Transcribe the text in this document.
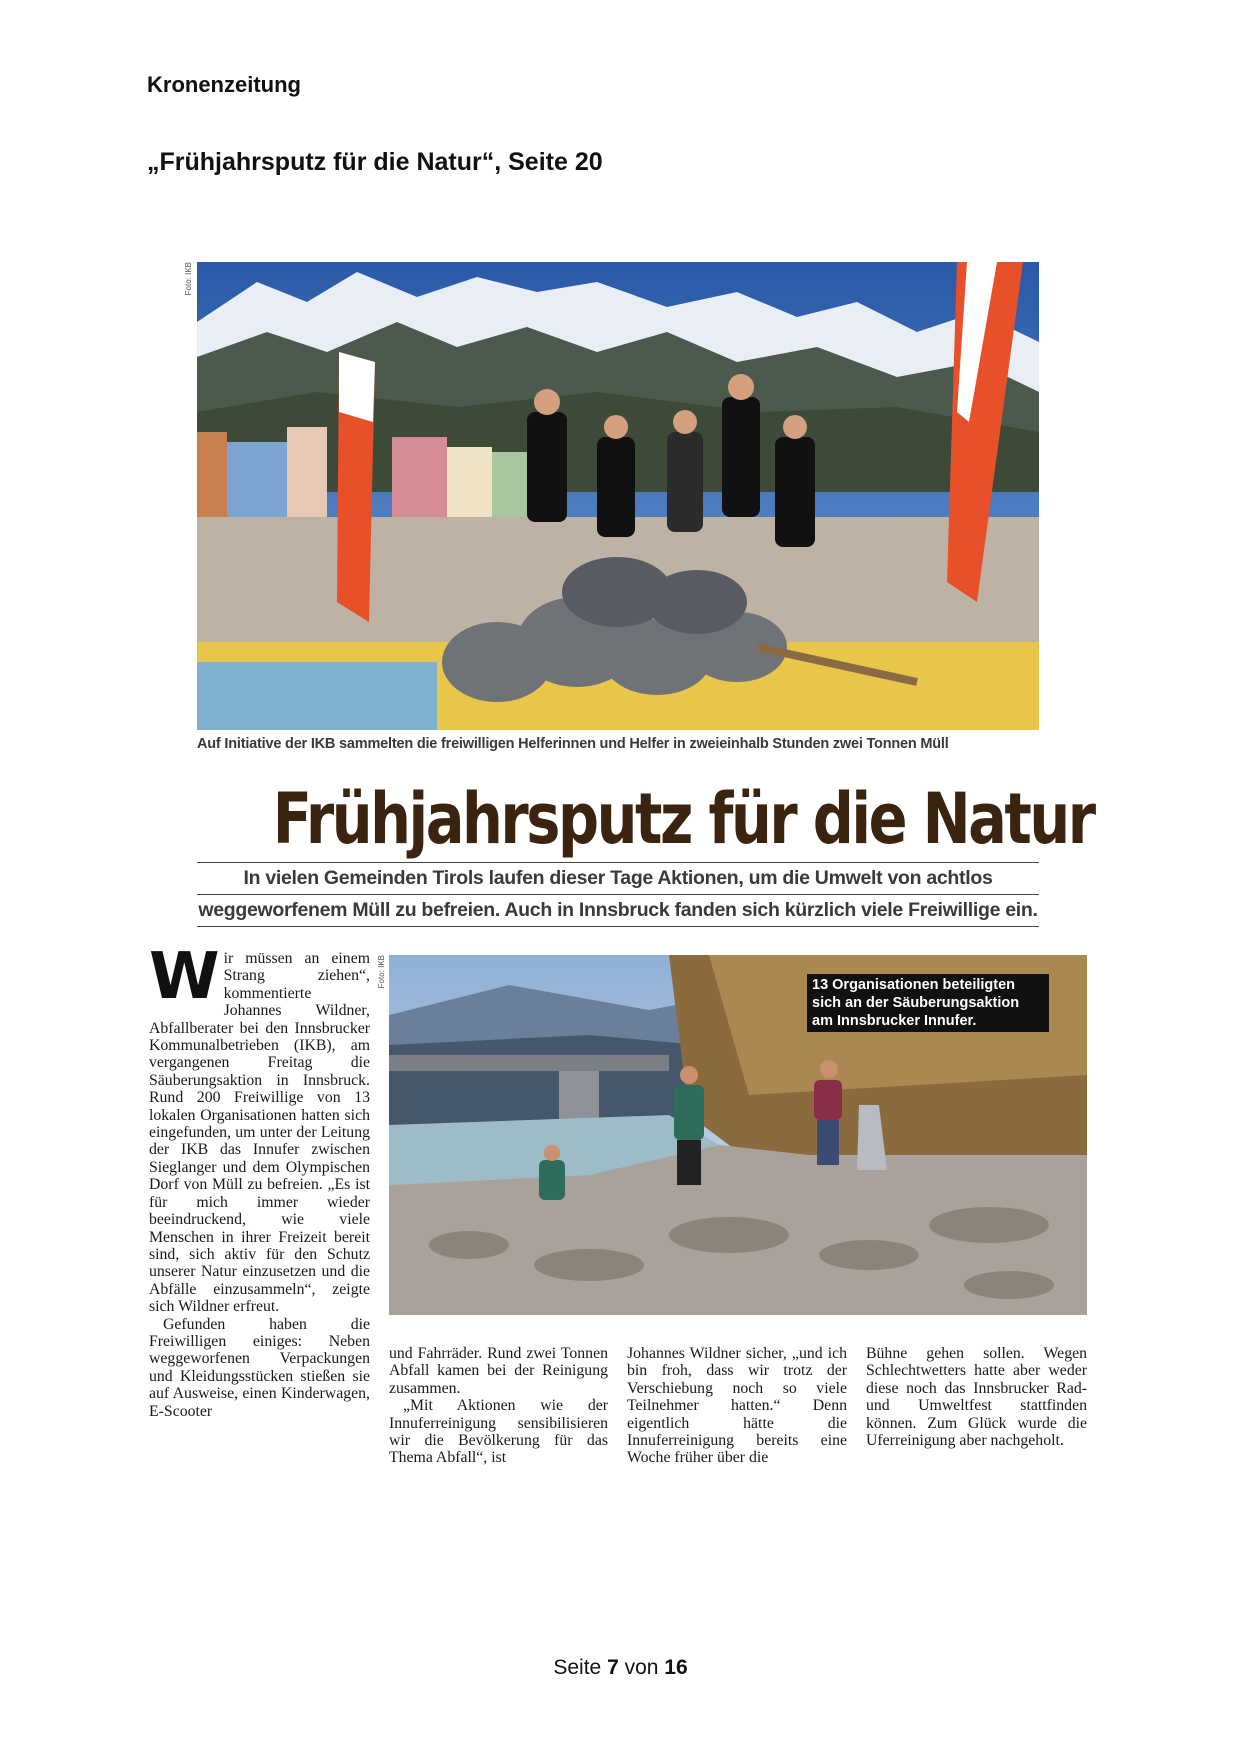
Kronenzeitung
„Frühjahrsputz für die Natur“, Seite 20
Foto: IKB
Auf Initiative der IKB sammelten die freiwilligen Helferinnen und Helfer in zweieinhalb Stunden zwei Tonnen Müll
Frühjahrsputz für die Natur
In vielen Gemeinden Tirols laufen dieser Tage Aktionen, um die Umwelt von achtlos
weggeworfenem Müll zu befreien. Auch in Innsbruck fanden sich kürzlich viele Freiwillige ein.
W ir müssen an einem Strang ziehen“, kommentierte Johannes Wildner, Abfallberater bei den Innsbrucker Kommunalbetrieben (IKB), am vergangenen Freitag die Säuberungsaktion in Innsbruck. Rund 200 Freiwillige von 13 lokalen Organisationen hatten sich eingefunden, um unter der Leitung der IKB das Innufer zwischen Sieglanger und dem Olympischen Dorf von Müll zu befreien. „Es ist für mich immer wieder beeindruckend, wie viele Menschen in ihrer Freizeit bereit sind, sich aktiv für den Schutz unserer Natur einzusetzen und die Abfälle einzusammeln“, zeigte sich Wildner erfreut.

Gefunden haben die Freiwilligen einiges: Neben weggeworfenen Verpackungen und Kleidungsstücken stießen sie auf Ausweise, einen Kinderwagen, E-Scooter

Foto: IKB	13 Organisationen beteiligten sich an der Säuberungsaktion am Innsbrucker Innufer.

und Fahrräder. Rund zwei Tonnen Abfall kamen bei der Reinigung zusammen.

„Mit Aktionen wie der Innuferreinigung sensibilisieren wir die Bevölkerung für das Thema Abfall“, ist

Johannes Wildner sicher, „und ich bin froh, dass wir trotz der Verschiebung noch so viele Teilnehmer hatten.“ Denn eigentlich hätte die Innuferreinigung bereits eine Woche früher über die

Bühne gehen sollen. Wegen Schlechtwetters hatte aber weder diese noch das Innsbrucker Rad- und Umweltfest stattfinden können. Zum Glück wurde die Uferreinigung aber nachgeholt.

Seite 7 von 16
